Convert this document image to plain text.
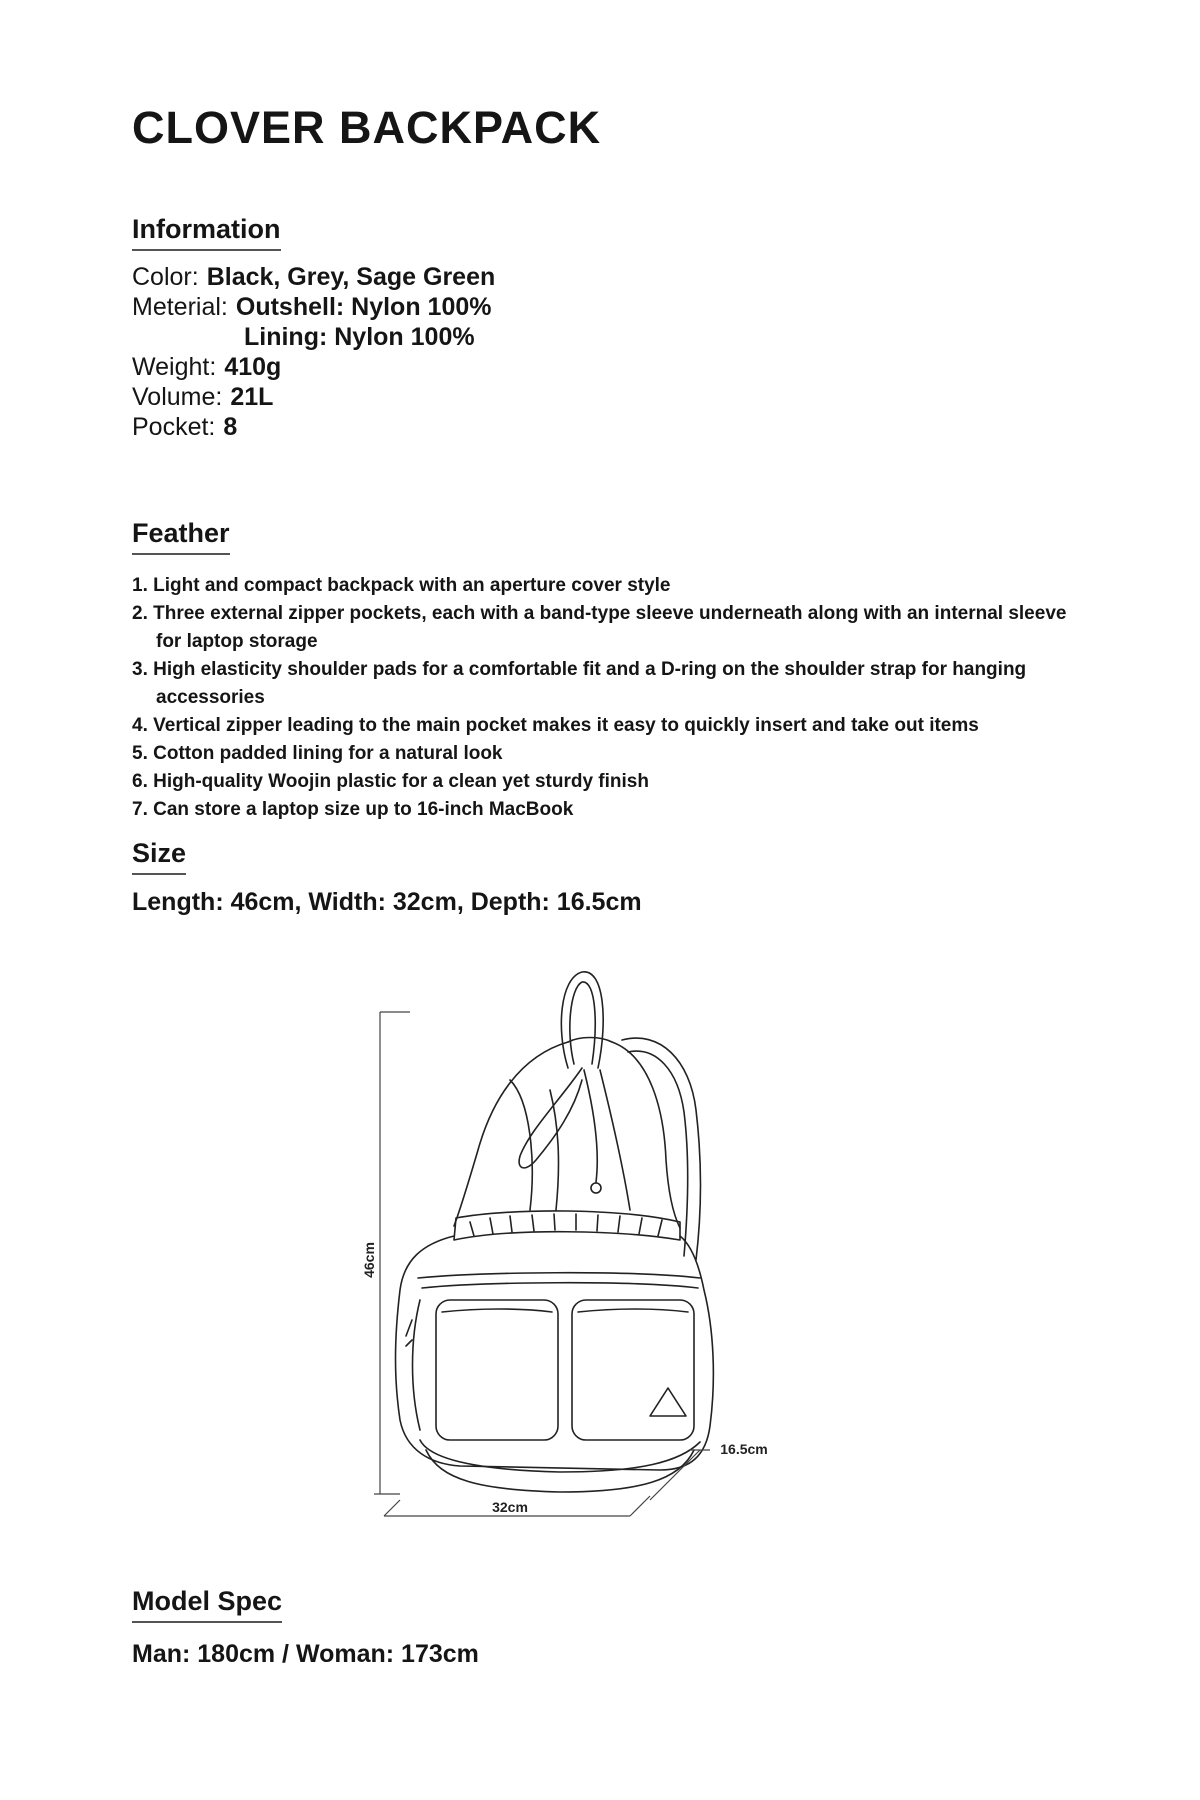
CLOVER BACKPACK
Information
Color: Black, Grey, Sage Green
Meterial: Outshell: Nylon 100%
Lining: Nylon 100%
Weight: 410g
Volume: 21L
Pocket: 8
Feather
1. Light and compact backpack with an aperture cover style
2. Three external zipper pockets, each with a band-type sleeve underneath along with an internal sleeve for laptop storage
3. High elasticity shoulder pads for a comfortable fit and a D-ring on the shoulder strap for hanging accessories
4. Vertical zipper leading to the main pocket makes it easy to quickly insert and take out items
5. Cotton padded lining for a natural look
6. High-quality Woojin plastic for a clean yet sturdy finish
7. Can store a laptop size up to 16-inch MacBook
Size
Length: 46cm, Width: 32cm, Depth: 16.5cm
46cm
32cm
16.5cm
Model Spec
Man: 180cm / Woman: 173cm
